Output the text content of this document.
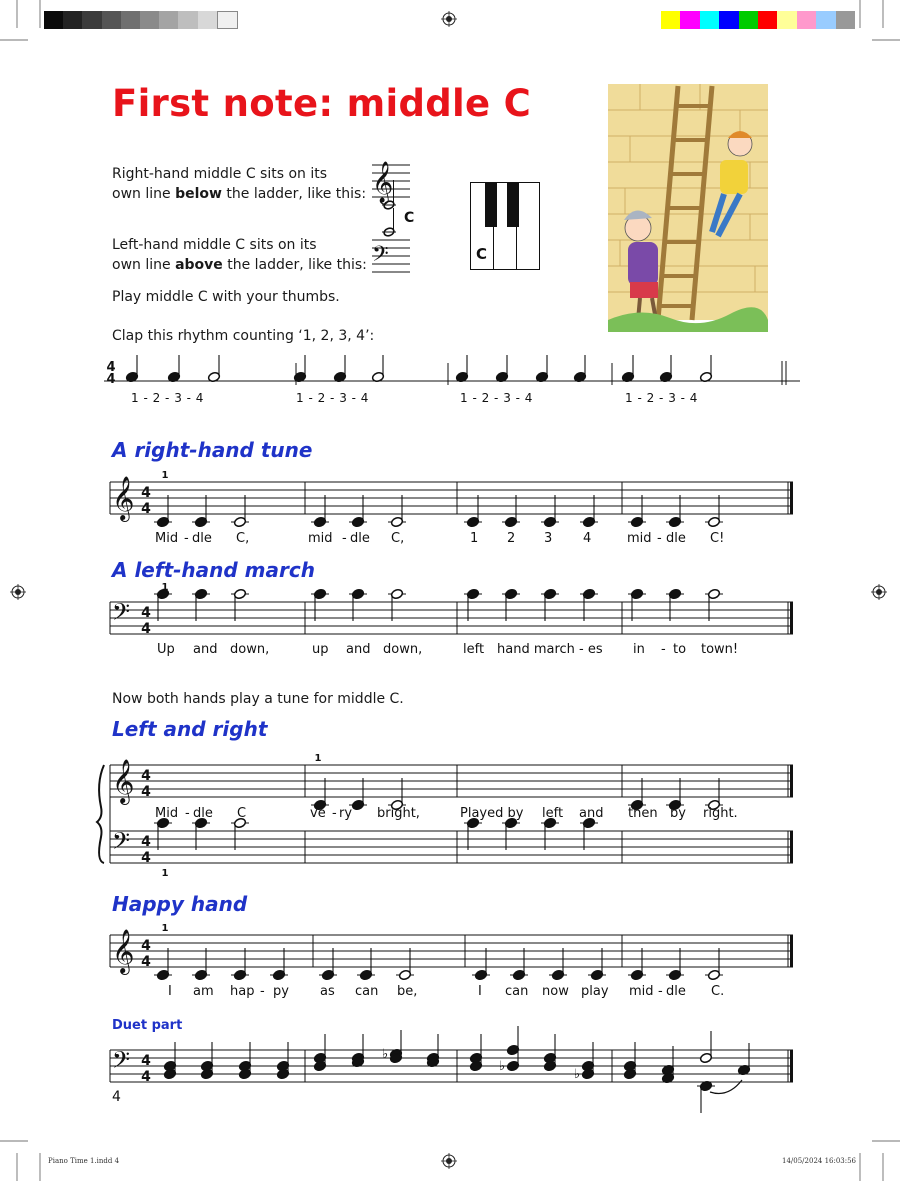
First note: middle C
Right-hand middle C sits on its
own line below the ladder, like this:
Left-hand middle C sits on its
own line above the ladder, like this:
Play middle C with your thumbs.
Clap this rhythm counting ‘1, 2, 3, 4’:
𝄞
𝄢
C
C
4
4
1 - 2 - 3 - 4	1 - 2 - 3 - 4	1 - 2 - 3 - 4	1 - 2 - 3 - 4
A right-hand tune
A left-hand march
Now both hands play a tune for middle C.
Left and right
Happy hand
Duet part
𝄞 4
4
1
𝄢 4
4
1
𝄞 4
4
𝄢 4
4
1
1
𝄞 4
4
1
𝄢 4
4
♭
♭
♭
Mid - dle C,	mid - dle C,	1 2 3 4	mid - dle C!
Up and down,	up and down,	left hand march - es in - to town!
Mid - dle C	ve - ry bright,	Played by left and then by right.
I am hap - py as can be,	I can now play mid - dle C.
4
Piano Time 1.indd 4	14/05/2024 16:03:56
